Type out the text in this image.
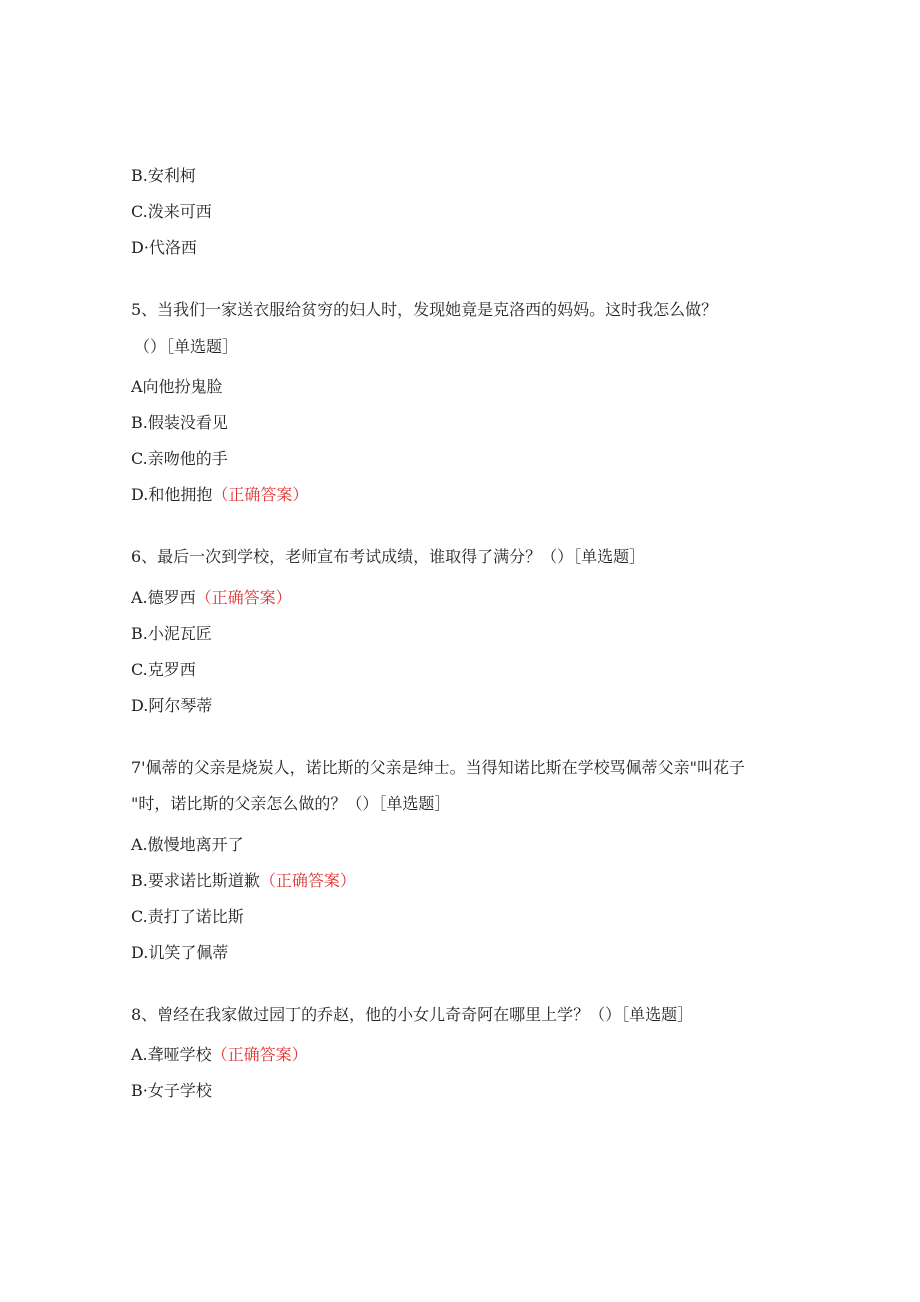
B.安利柯
C.泼来可西
D·代洛西
5、当我们一家送衣服给贫穷的妇人时，发现她竟是克洛西的妈妈。这时我怎么做？
（）［单选题］
A向他扮鬼脸
B.假装没看见
C.亲吻他的手
D.和他拥抱（正确答案）
6、最后一次到学校，老师宣布考试成绩，谁取得了满分？（）［单选题］
A.德罗西（正确答案）
B.小泥瓦匠
C.克罗西
D.阿尔琴蒂
7'佩蒂的父亲是烧炭人，诺比斯的父亲是绅士。当得知诺比斯在学校骂佩蒂父亲"叫花子
"时，诺比斯的父亲怎么做的？（）［单选题］
A.傲慢地离开了
B.要求诺比斯道歉（正确答案）
C.责打了诺比斯
D.讥笑了佩蒂
8、曾经在我家做过园丁的乔赵，他的小女儿奇奇阿在哪里上学？（）［单选题］
A.聋哑学校（正确答案）
B·女子学校
